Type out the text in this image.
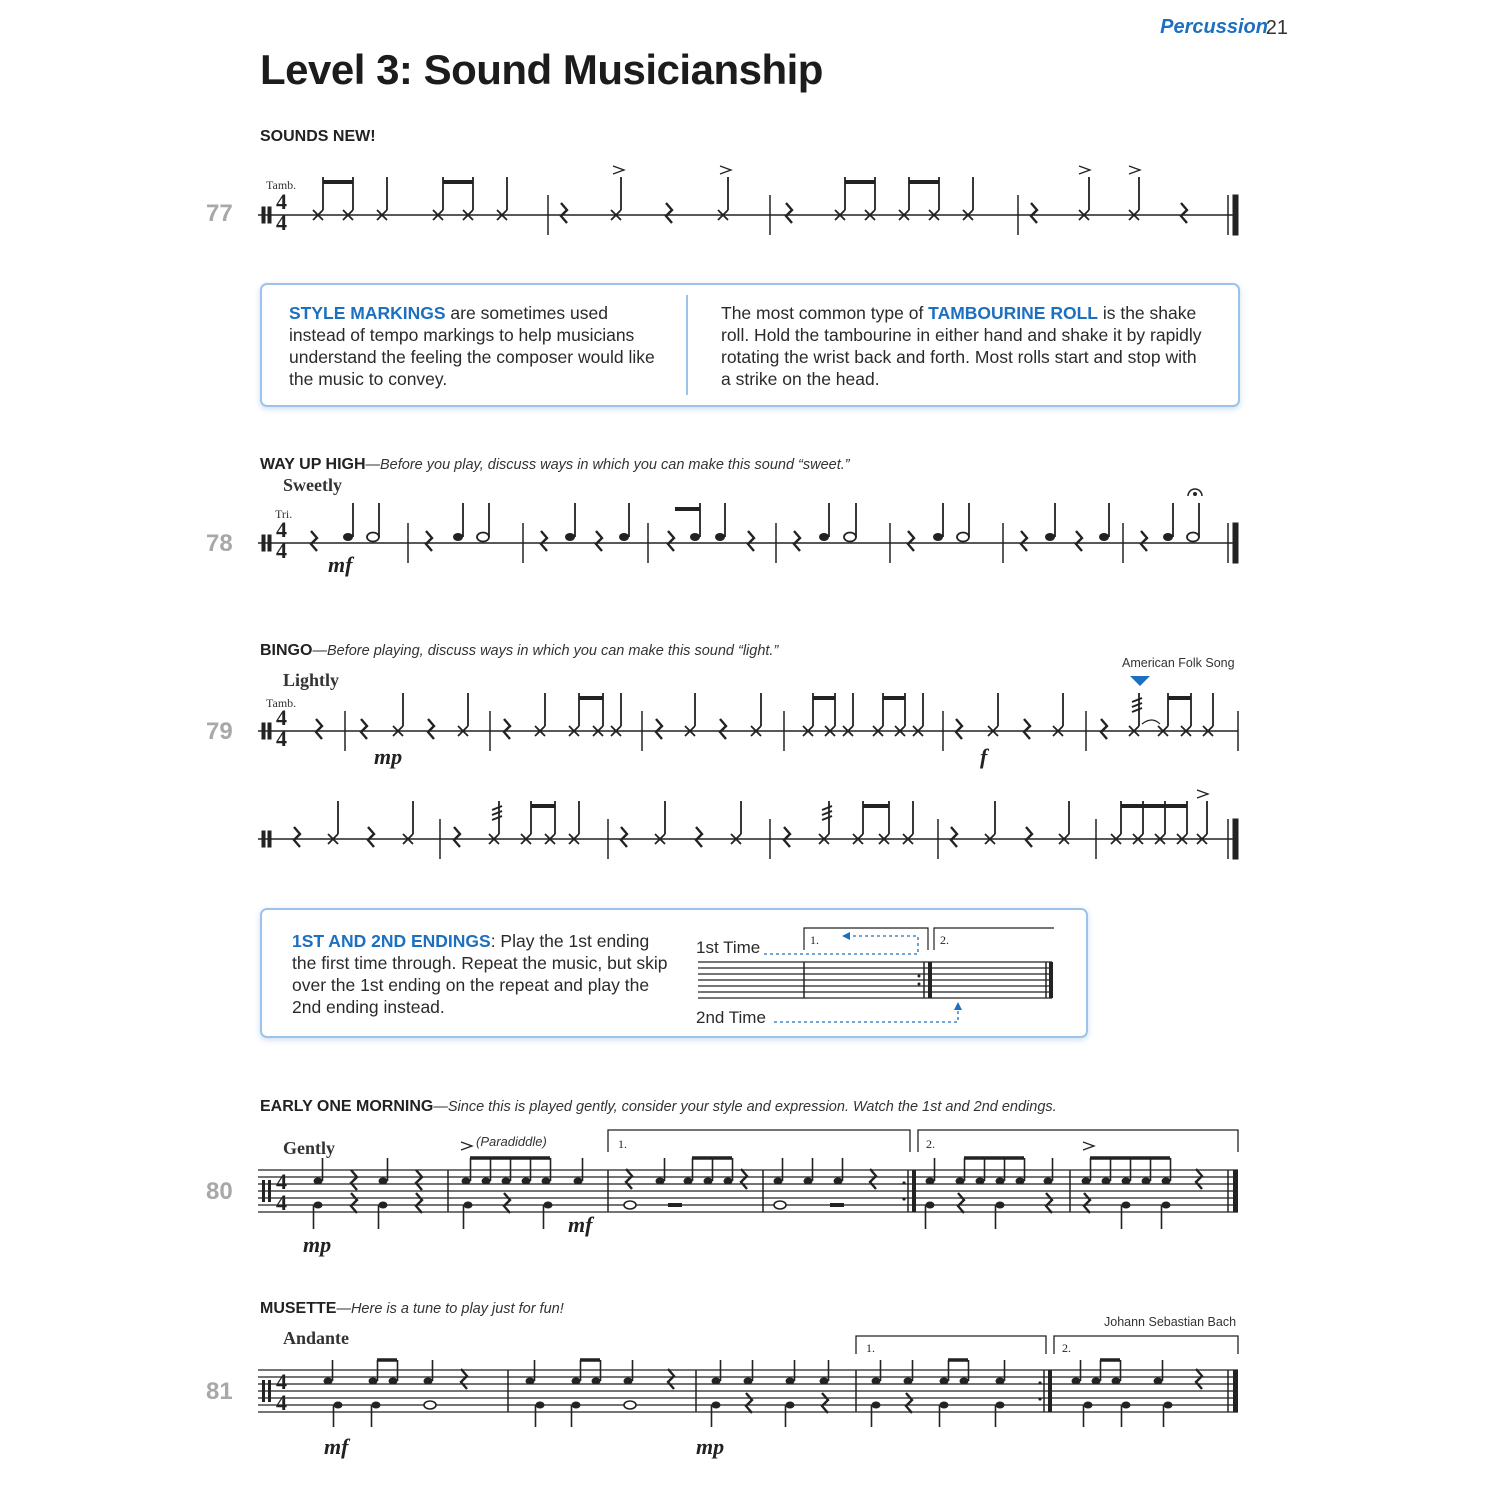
Percussion
21
Level 3: Sound Musicianship
SOUNDS NEW!
Tamb.
77 4
4
STYLE MARKINGS are sometimes used instead of tempo markings to help musicians understand the feeling the composer would like the music to convey.
The most common type of TAMBOURINE ROLL is the shake roll. Hold the tambourine in either hand and shake it by rapidly rotating the wrist back and forth. Most rolls start and stop with a strike on the head.
WAY UP HIGH—Before you play, discuss ways in which you can make this sound “sweet.”
Sweetly
Tri.
78
mf
4
4
BINGO—Before playing, discuss ways in which you can make this sound “light.”
American Folk Song
Lightly
Tamb.
79
mp	f
4
4
1ST AND 2ND ENDINGS: Play the 1st ending the first time through. Repeat the music, but skip over the 1st ending on the repeat and play the 2nd ending instead.
1st Time
2nd Time
1.	2.
EARLY ONE MORNING—Since this is played gently, consider your style and expression. Watch the 1st and 2nd endings.
Gently	(Paradiddle)
80
mp
mf
1.	2.
4
4
MUSETTE—Here is a tune to play just for fun!
Johann Sebastian Bach
Andante
81
mf	mp
1.	2.
4
4
